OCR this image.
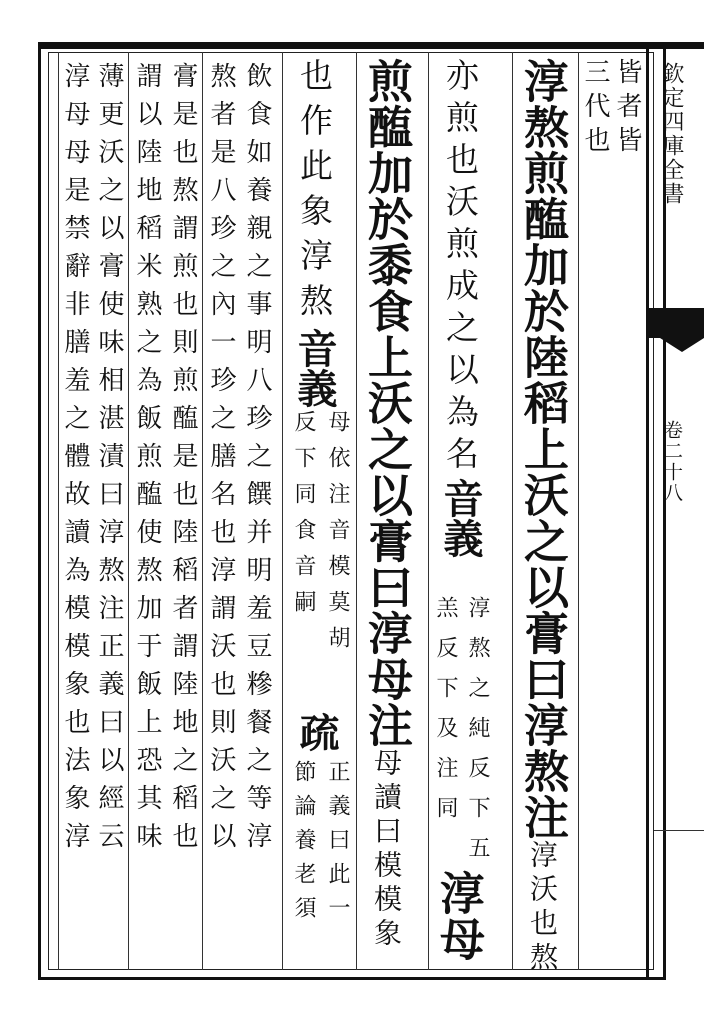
欽定四庫全書
卷二十八
皆者皆
三代也
淳熬煎醢加於陸稻上沃之以膏曰淳熬注淳沃也熬
亦煎也沃煎成之以為名音義
淳熬之純反下五
羔反下及注同
淳母
煎醢加於黍食上沃之以膏曰淳母注母讀曰模模象
也作此象淳熬音義
母依注音模莫胡
反下同食音嗣
疏
正義曰此一
節論養老須
飲食如養親之事明八珍之饌并明羞豆糝餐之等淳
熬者是八珍之內一珍之膳名也淳謂沃也則沃之以
膏是也熬謂煎也則煎醢是也陸稻者謂陸地之稻也
謂以陸地稻米熟之為飯煎醢使熬加于飯上恐其味
薄更沃之以膏使味相湛漬曰淳熬注正義曰以經云
淳母母是禁辭非膳羞之體故讀為模模象也法象淳
